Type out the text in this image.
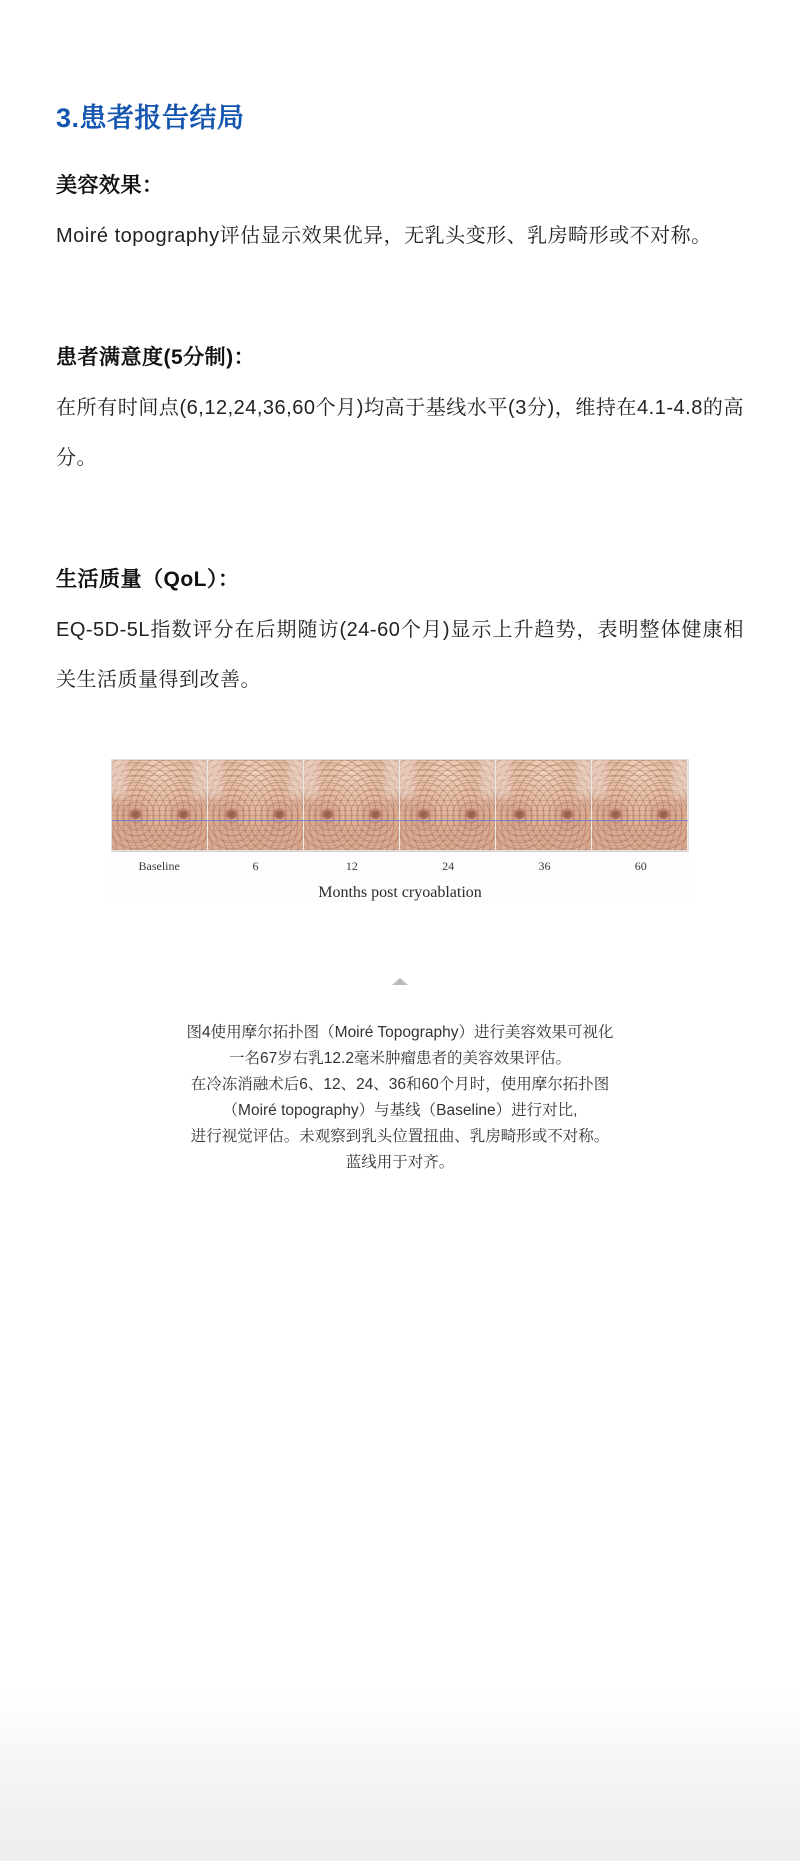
3.患者报告结局
美容效果：

Moiré topography评估显示效果优异，无乳头变形、乳房畸形或不对称。

患者满意度(5分制)：

在所有时间点(6,12,24,36,60个月)均高于基线水平(3分)，维持在4.1-4.8的高分。

生活质量（QoL）：

EQ-5D-5L指数评分在后期随访(24-60个月)显示上升趋势，表明整体健康相关生活质量得到改善。

Baseline	6	12	24	36	60
Months post cryoablation
图4使用摩尔拓扑图（Moiré Topography）进行美容效果可视化
一名67岁右乳12.2毫米肿瘤患者的美容效果评估。
在冷冻消融术后6、12、24、36和60个月时，使用摩尔拓扑图
（Moiré topography）与基线（Baseline）进行对比,
进行视觉评估。未观察到乳头位置扭曲、乳房畸形或不对称。
蓝线用于对齐。
